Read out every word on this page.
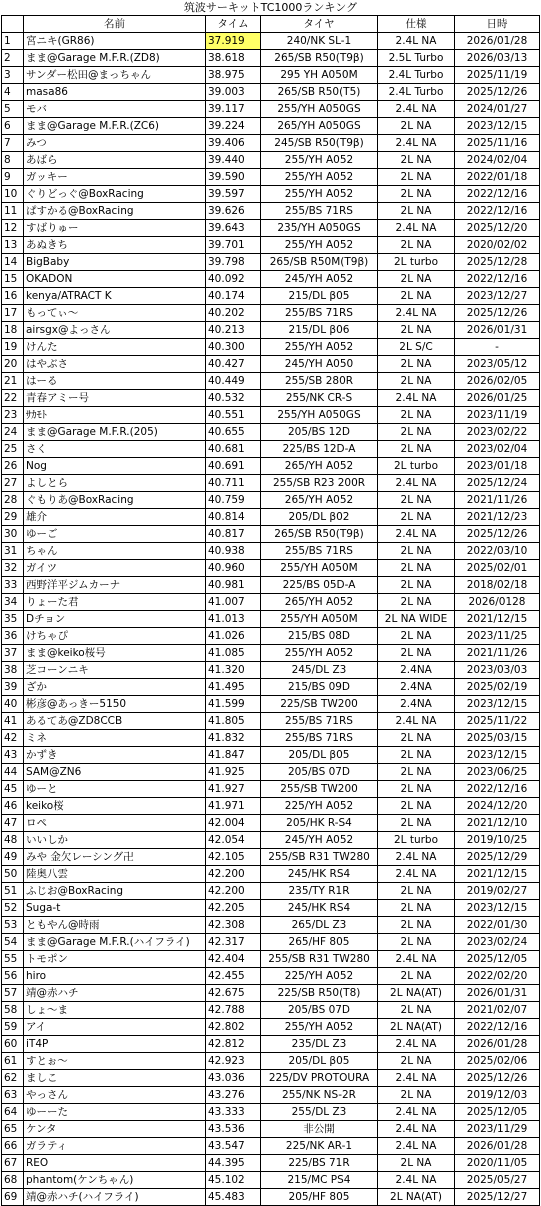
筑波サーキットTC1000ランキング
	名前	タイム	タイヤ	仕様	日時
1	宮ニキ(GR86)	37.919	240/NK SL-1	2.4L NA	2026/01/28
2	まま@Garage M.F.R.(ZD8)	38.618	265/SB R50(T9β)	2.5L Turbo	2026/03/13
3	サンダー松田@まっちゃん	38.975	295 YH A050M	2.4L Turbo	2025/11/19
4	masa86	39.003	265/SB R50(T5)	2.4L Turbo	2025/12/26
5	モバ	39.117	255/YH A050GS	2.4L NA	2024/01/27
6	まま@Garage M.F.R.(ZC6)	39.224	265/YH A050GS	2L NA	2023/12/15
7	みつ	39.406	245/SB R50(T9β)	2.4L NA	2025/11/16
8	あばら	39.440	255/YH A052	2L NA	2024/02/04
9	ガッキー	39.590	255/YH A052	2L NA	2022/01/18
10	ぐりどっぐ@BoxRacing	39.597	255/YH A052	2L NA	2022/12/16
11	ぱすかる@BoxRacing	39.626	255/BS 71RS	2L NA	2022/12/16
12	すばりゅー	39.643	235/YH A050GS	2.4L NA	2025/12/20
13	あぬきち	39.701	255/YH A052	2L NA	2020/02/02
14	BigBaby	39.798	265/SB R50M(T9β)	2L turbo	2025/12/28
15	OKADON	40.092	245/YH A052	2L NA	2022/12/16
16	kenya/ATRACT K	40.174	215/DL β05	2L NA	2023/12/27
17	もってぃ～	40.202	255/BS 71RS	2.4L NA	2025/12/26
18	airsgx@よっさん	40.213	215/DL β06	2L NA	2026/01/31
19	けんた	40.300	255/YH A052	2L S/C	-
20	はやぶさ	40.427	245/YH A050	2L NA	2023/05/12
21	はーる	40.449	255/SB 280R	2L NA	2026/02/05
22	青春アミー号	40.532	255/NK CR-S	2.4L NA	2026/01/25
23	ｻｶﾓﾄ	40.551	255/YH A050GS	2L NA	2023/11/19
24	まま@Garage M.F.R.(205)	40.655	205/BS 12D	2L NA	2023/02/22
25	さく	40.681	225/BS 12D-A	2L NA	2023/02/04
26	Nog	40.691	265/YH A052	2L turbo	2023/01/18
27	よしとら	40.711	255/SB R23 200R	2.4L NA	2025/12/24
28	ぐもりあ@BoxRacing	40.759	265/YH A052	2L NA	2021/11/26
29	雄介	40.814	205/DL β02	2L NA	2021/12/23
30	ゆーご	40.817	265/SB R50(T9β)	2.4L NA	2025/12/26
31	ちゃん	40.938	255/BS 71RS	2L NA	2022/03/10
32	ガイツ	40.960	255/YH A050M	2L NA	2025/02/01
33	西野洋平ジムカーナ	40.981	225/BS 05D-A	2L NA	2018/02/18
34	りょーた君	41.007	265/YH A052	2L NA	2026/0128
35	Dチョン	41.013	255/YH A050M	2L NA WIDE	2021/12/15
36	けちゃぴ	41.026	215/BS 08D	2L NA	2023/11/25
37	まま@keiko桜号	41.085	255/YH A052	2L NA	2021/11/26
38	芝コーンニキ	41.320	245/DL Z3	2.4NA	2023/03/03
39	ざか	41.495	215/BS 09D	2.4NA	2025/02/19
40	彬彦@あっきー5150	41.599	225/SB TW200	2.4NA	2023/12/15
41	あるてあ@ZD8CCB	41.805	255/BS 71RS	2.4L NA	2025/11/22
42	ミネ	41.832	255/BS 71RS	2L NA	2025/03/15
43	かずき	41.847	205/DL β05	2L NA	2023/12/15
44	SAM@ZN6	41.925	205/BS 07D	2L NA	2023/06/25
45	ゆーと	41.927	255/SB TW200	2L NA	2022/12/16
46	keiko桜	41.971	225/YH A052	2L NA	2024/12/20
47	ロペ	42.004	205/HK R-S4	2L NA	2021/12/10
48	いいしか	42.054	245/YH A052	2L turbo	2019/10/25
49	みや 金欠レーシング卍	42.105	255/SB R31 TW280	2.4L NA	2025/12/29
50	陸奥八雲	42.200	245/HK RS4	2.4L NA	2021/12/15
51	ふじお@BoxRacing	42.200	235/TY R1R	2L NA	2019/02/27
52	Suga-t	42.205	245/HK RS4	2L NA	2023/12/15
53	ともやん@時雨	42.308	265/DL Z3	2L NA	2022/01/30
54	まま@Garage M.F.R.(ハイフライ)	42.317	265/HF 805	2L NA	2023/02/24
55	トモポン	42.404	255/SB R31 TW280	2.4L NA	2025/12/05
56	hiro	42.455	225/YH A052	2L NA	2022/02/20
57	靖@赤ハチ	42.675	225/SB R50(T8)	2L NA(AT)	2026/01/31
58	しょ～ま	42.788	205/BS 07D	2L NA	2021/02/07
59	アイ	42.802	255/YH A052	2L NA(AT)	2022/12/16
60	iT4P	42.812	235/DL Z3	2.4L NA	2026/01/28
61	すとぉ～	42.923	205/DL β05	2L NA	2025/02/06
62	ましこ	43.036	225/DV PROTOURA	2.4L NA	2025/12/26
63	やっさん	43.276	255/NK NS-2R	2L NA	2019/12/03
64	ゆーーた	43.333	255/DL Z3	2.4L NA	2025/12/05
65	ケンタ	43.536	非公開	2.4L NA	2023/11/29
66	ガラティ	43.547	225/NK AR-1	2.4L NA	2026/01/28
67	REO	44.395	225/BS 71R	2L NA	2020/11/05
68	phantom(ケンちゃん)	45.102	215/MC PS4	2.4L NA	2025/05/27
69	靖@赤ハチ(ハイフライ)	45.483	205/HF 805	2L NA(AT)	2025/12/27
